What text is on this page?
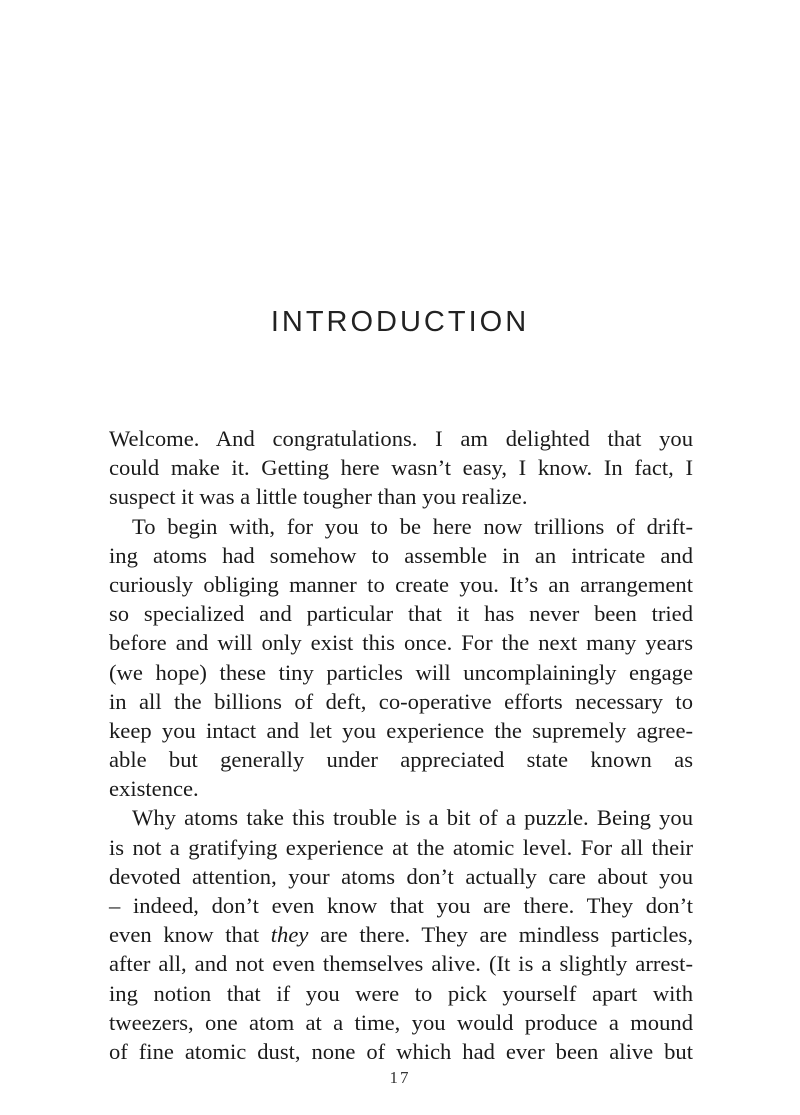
INTRODUCTION
Welcome. And congratulations. I am delighted that you
could make it. Getting here wasn’t easy, I know. In fact, I
suspect it was a little tougher than you realize.
To begin with, for you to be here now trillions of drift-
ing atoms had somehow to assemble in an intricate and
curiously obliging manner to create you. It’s an arrangement
so specialized and particular that it has never been tried
before and will only exist this once. For the next many years
(we hope) these tiny particles will uncomplainingly engage
in all the billions of deft, co-operative efforts necessary to
keep you intact and let you experience the supremely agree-
able but generally under appreciated state known as
existence.
Why atoms take this trouble is a bit of a puzzle. Being you
is not a gratifying experience at the atomic level. For all their
devoted attention, your atoms don’t actually care about you
– indeed, don’t even know that you are there. They don’t
even know that they are there. They are mindless particles,
after all, and not even themselves alive. (It is a slightly arrest-
ing notion that if you were to pick yourself apart with
tweezers, one atom at a time, you would produce a mound
of fine atomic dust, none of which had ever been alive but
17
